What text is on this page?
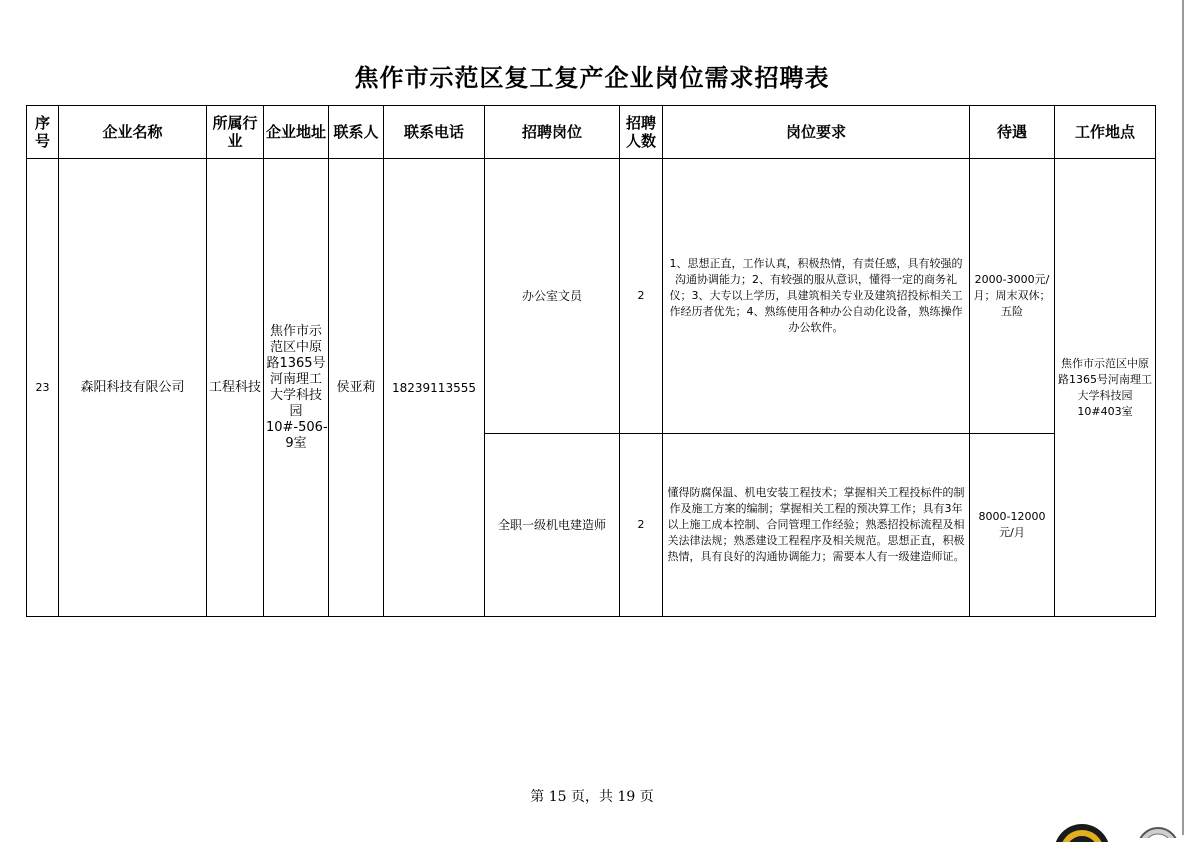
焦作市示范区复工复产企业岗位需求招聘表
序号	企业名称	所属行业	企业地址	联系人	联系电话	招聘岗位	招聘人数	岗位要求	待遇	工作地点
23	森阳科技有限公司	工程科技	焦作市示范区中原路1365号河南理工大学科技园10#-506-9室	侯亚莉	18239113555	办公室文员	2	1、思想正直，工作认真，积极热情，有责任感，具有较强的沟通协调能力；2、有较强的服从意识，懂得一定的商务礼仪；3、大专以上学历，具建筑相关专业及建筑招投标相关工作经历者优先；4、熟练使用各种办公自动化设备，熟练操作办公软件。	2000-3000元/月；周末双休；五险	焦作市示范区中原路1365号河南理工大学科技园10#403室
						全职一级机电建造师	2	懂得防腐保温、机电安装工程技术；掌握相关工程投标件的制作及施工方案的编制；掌握相关工程的预决算工作；具有3年以上施工成本控制、合同管理工作经验；熟悉招投标流程及相关法律法规；熟悉建设工程程序及相关规范。思想正直，积极热情，具有良好的沟通协调能力；需要本人有一级建造师证。	8000-12000元/月	
第 15 页，共 19 页
